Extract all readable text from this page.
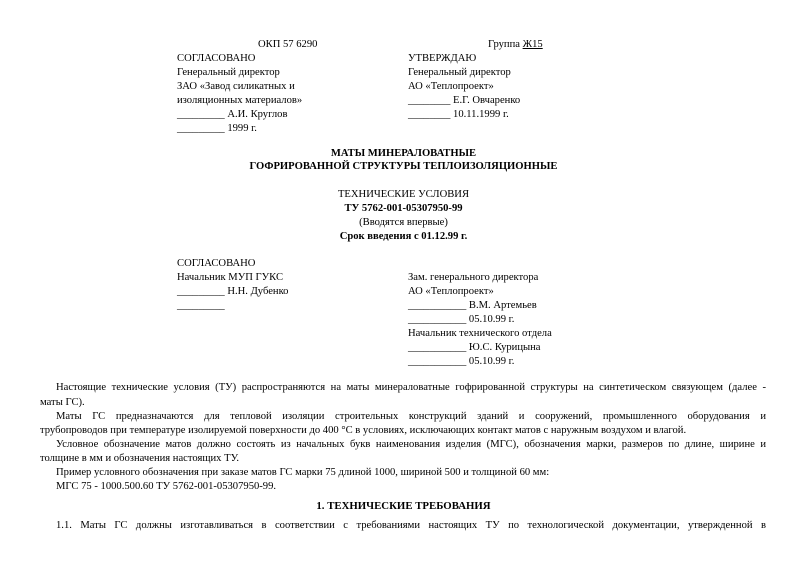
ОКП 57 6290	Группа Ж15
СОГЛАСОВАНО
Генеральный директор
ЗАО «Завод силикатных и
изоляционных материалов»
_________ А.И. Круглов
_________ 1999 г.
УТВЕРЖДАЮ
Генеральный директор
АО «Теплопроект»
________ Е.Г. Овчаренко
________ 10.11.1999 г.
МАТЫ МИНЕРАЛОВАТНЫЕ
ГОФРИРОВАННОЙ СТРУКТУРЫ ТЕПЛОИЗОЛЯЦИОННЫЕ
ТЕХНИЧЕСКИЕ УСЛОВИЯ
ТУ 5762-001-05307950-99
(Вводятся впервые)
Срок введения с 01.12.99 г.
СОГЛАСОВАНО
Начальник МУП ГУКС
_________ Н.Н. Дубенко
_________
Зам. генерального директора
АО «Теплопроект»
___________ В.М. Артемьев
___________ 05.10.99 г.
Начальник технического отдела
___________ Ю.С. Курицына
___________ 05.10.99 г.
Настоящие технические условия (ТУ) распространяются на маты минераловатные гофрированной структуры на синтетическом связующем (далее -
маты ГС).
Маты ГС предназначаются для тепловой изоляции строительных конструкций зданий и сооружений, промышленного оборудования и
трубопроводов при температуре изолируемой поверхности до 400 °С в условиях, исключающих контакт матов с наружным воздухом и влагой.
Условное обозначение матов должно состоять из начальных букв наименования изделия (МГС), обозначения марки, размеров по длине, ширине и
толщине в мм и обозначения настоящих ТУ.
Пример условного обозначения при заказе матов ГС марки 75 длиной 1000, шириной 500 и толщиной 60 мм:
МГС 75 - 1000.500.60 ТУ 5762-001-05307950-99.
1. ТЕХНИЧЕСКИЕ ТРЕБОВАНИЯ
1.1. Маты ГС должны изготавливаться в соответствии с требованиями настоящих ТУ по технологической документации, утвержденной в
